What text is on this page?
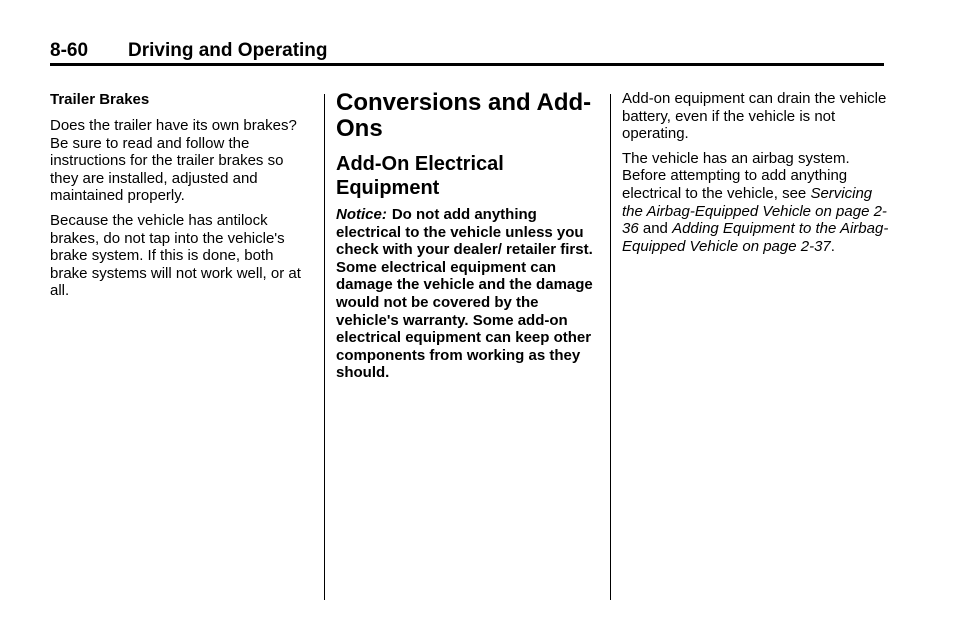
8-60 Driving and Operating
Trailer Brakes

Does the trailer have its own brakes? Be sure to read and follow the instructions for the trailer brakes so they are installed, adjusted and maintained properly.

Because the vehicle has antilock brakes, do not tap into the vehicle's brake system. If this is done, both brake systems will not work well, or at all.

Conversions and Add-Ons
Add-On Electrical Equipment

Notice: Do not add anything electrical to the vehicle unless you check with your dealer/ retailer first. Some electrical equipment can damage the vehicle and the damage would not be covered by the vehicle's warranty. Some add-on electrical equipment can keep other components from working as they should.

Add-on equipment can drain the vehicle battery, even if the vehicle is not operating.

The vehicle has an airbag system. Before attempting to add anything electrical to the vehicle, see Servicing the Airbag-Equipped Vehicle on page 2-36 and Adding Equipment to the Airbag-Equipped Vehicle on page 2-37.
